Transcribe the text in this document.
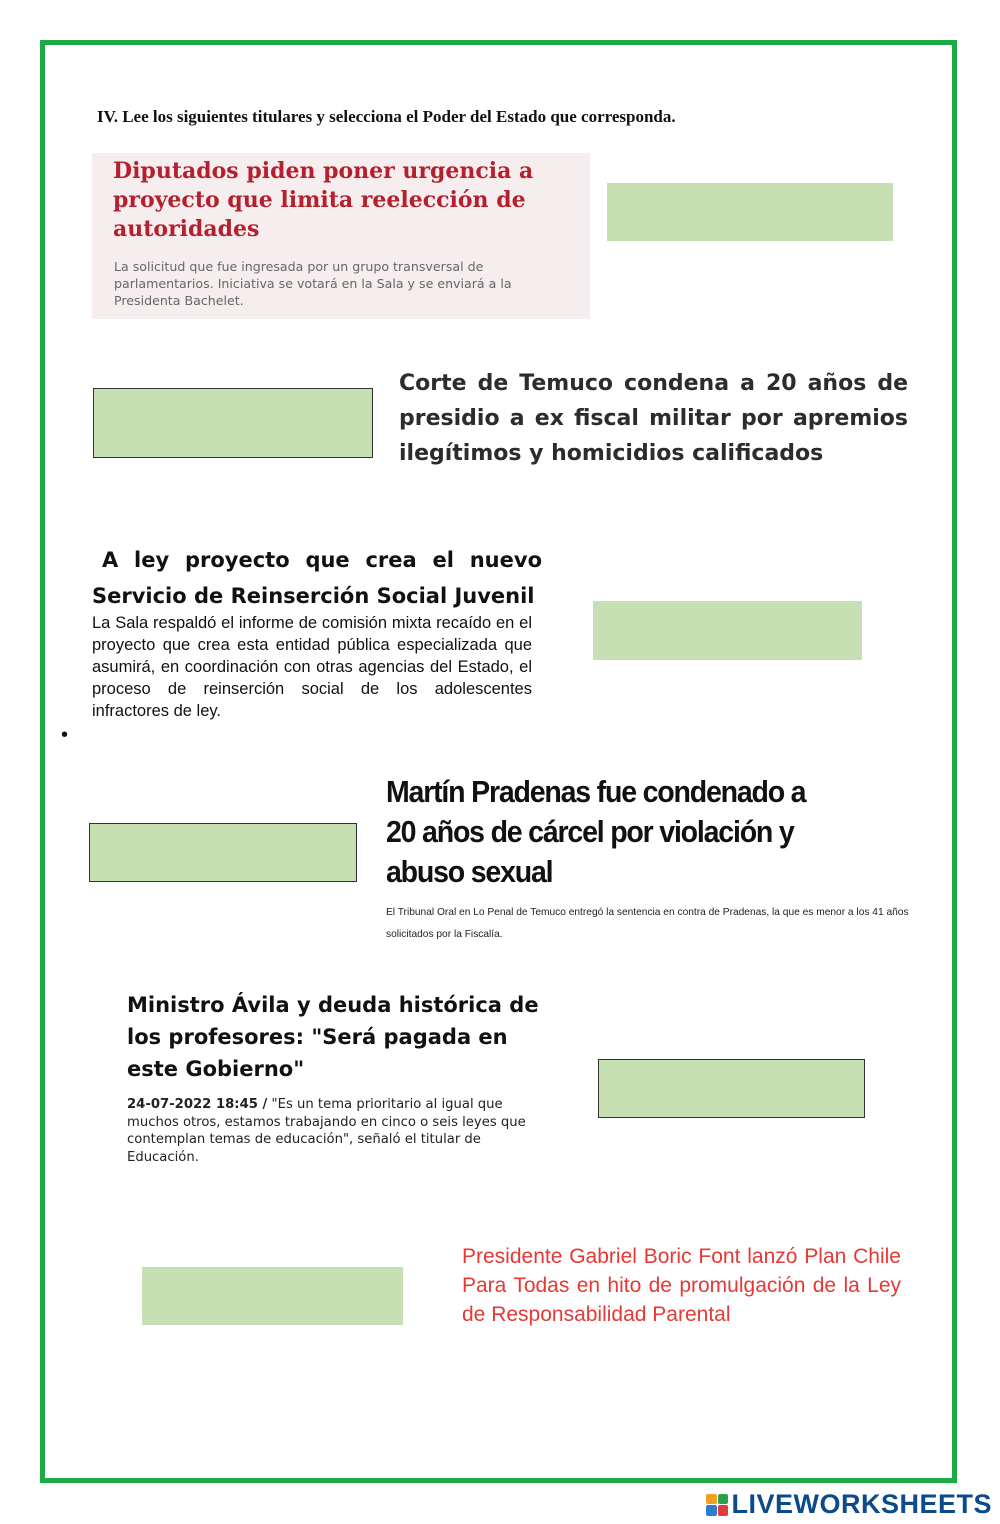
IV. Lee los siguientes titulares y selecciona el Poder del Estado que corresponda.
Diputados piden poner urgencia a proyecto que limita reelección de autoridades
La solicitud que fue ingresada por un grupo transversal de parlamentarios. Iniciativa se votará en la Sala y se enviará a la Presidenta Bachelet.
Corte de Temuco condena a 20 años de presidio a ex fiscal militar por apremios ilegítimos y homicidios calificados
A ley proyecto que crea el nuevo
Servicio de Reinserción Social Juvenil
La Sala respaldó el informe de comisión mixta recaído en el proyecto que crea esta entidad pública especializada que asumirá, en coordinación con otras agencias del Estado, el proceso de reinserción social de los adolescentes infractores de ley.
•
Martín Pradenas fue condenado a 20 años de cárcel por violación y abuso sexual
El Tribunal Oral en Lo Penal de Temuco entregó la sentencia en contra de Pradenas, la que es menor a los 41 años solicitados por la Fiscalía.
Ministro Ávila y deuda histórica de los profesores: "Será pagada en este Gobierno"
24-07-2022 18:45 / "Es un tema prioritario al igual que muchos otros, estamos trabajando en cinco o seis leyes que contemplan temas de educación", señaló el titular de Educación.
Presidente Gabriel Boric Font lanzó Plan Chile Para Todas en hito de promulgación de la Ley de Responsabilidad Parental
LIVEWORKSHEETS
